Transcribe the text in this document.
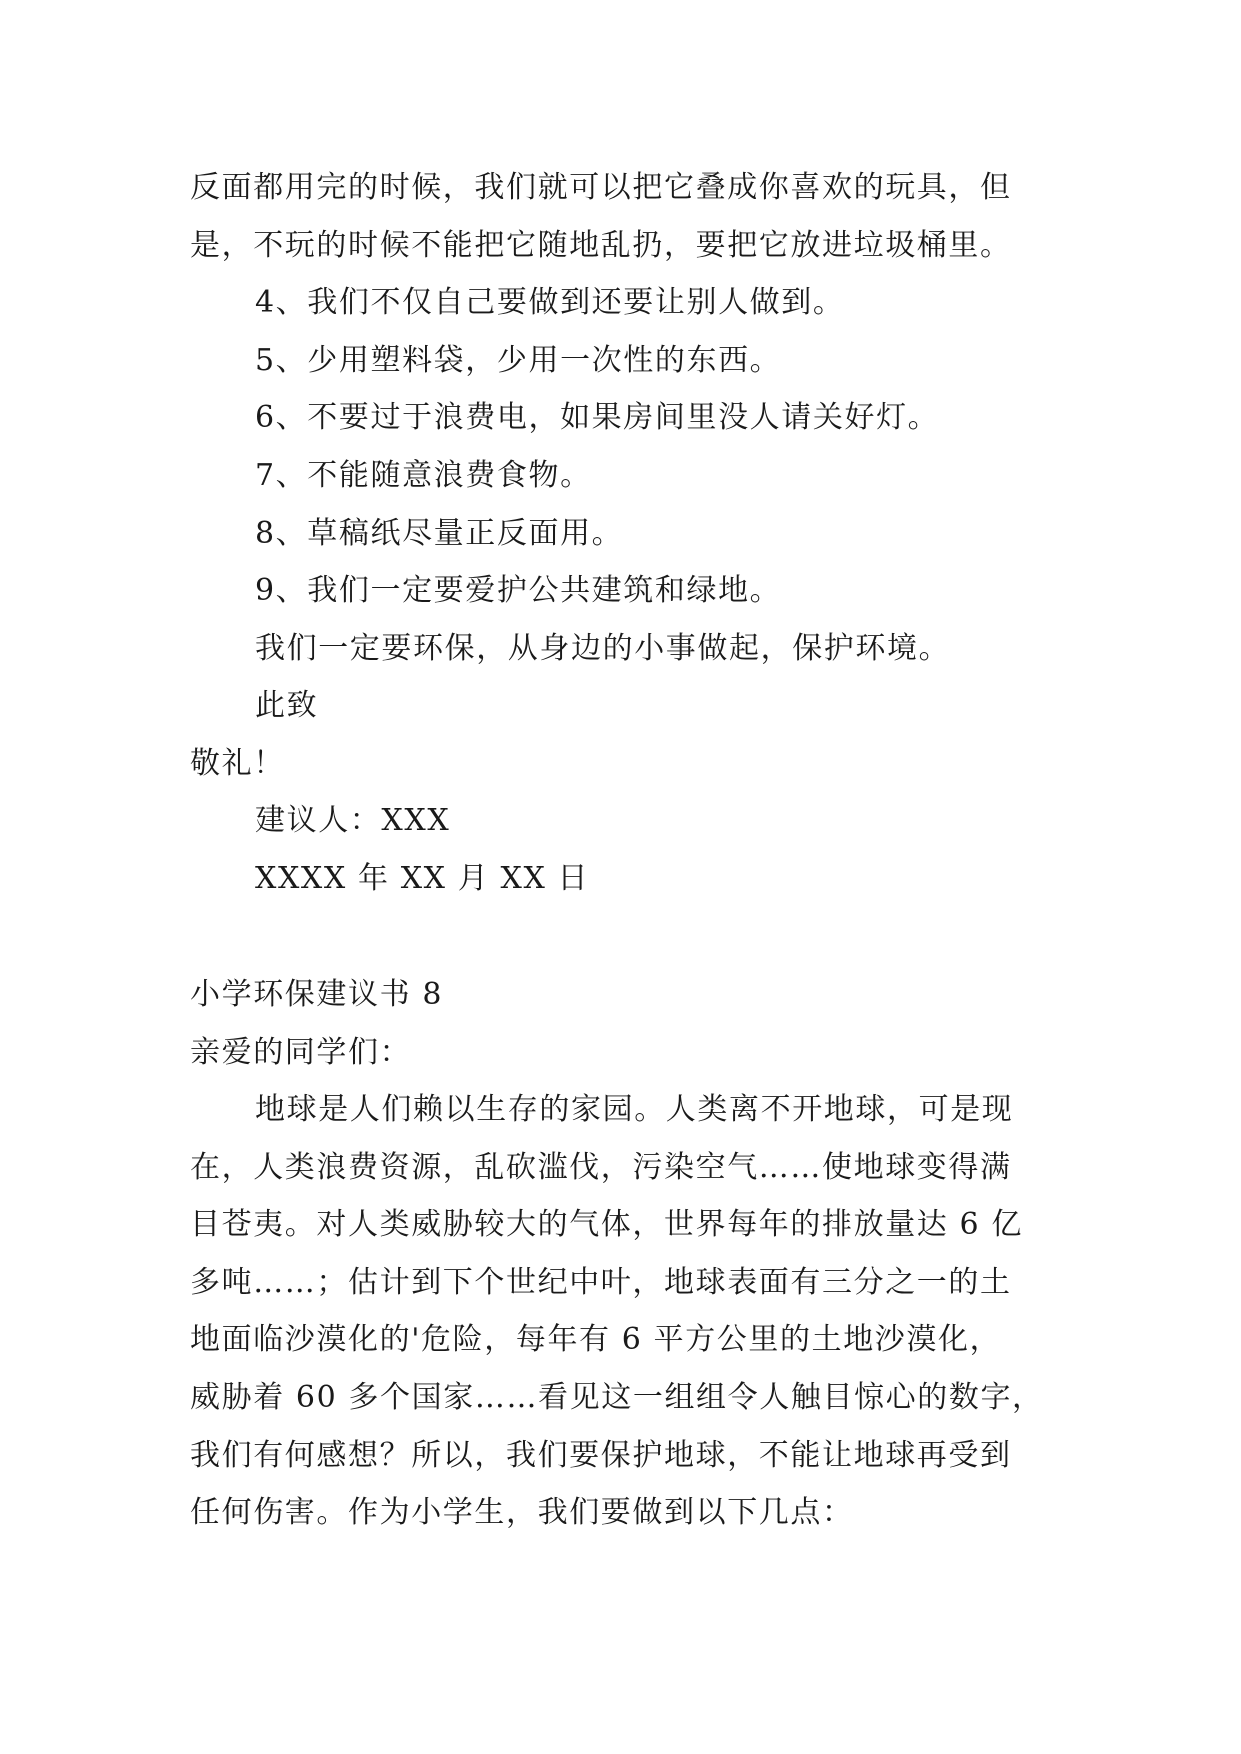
反面都用完的时候，我们就可以把它叠成你喜欢的玩具，但
是，不玩的时候不能把它随地乱扔，要把它放进垃圾桶里。
4、我们不仅自己要做到还要让别人做到。
5、少用塑料袋，少用一次性的东西。
6、不要过于浪费电，如果房间里没人请关好灯。
7、不能随意浪费食物。
8、草稿纸尽量正反面用。
9、我们一定要爱护公共建筑和绿地。
我们一定要环保，从身边的小事做起，保护环境。
此致
敬礼！
建议人：XXX
XXXX 年 XX 月 XX 日
小学环保建议书 8
亲爱的同学们：
地球是人们赖以生存的家园。人类离不开地球，可是现
在，人类浪费资源，乱砍滥伐，污染空气……使地球变得满
目苍夷。对人类威胁较大的气体，世界每年的排放量达 6 亿
多吨……；估计到下个世纪中叶，地球表面有三分之一的土
地面临沙漠化的'危险，每年有 6 平方公里的土地沙漠化，
威胁着 60 多个国家……看见这一组组令人触目惊心的数字，
我们有何感想？所以，我们要保护地球，不能让地球再受到
任何伤害。作为小学生，我们要做到以下几点：
